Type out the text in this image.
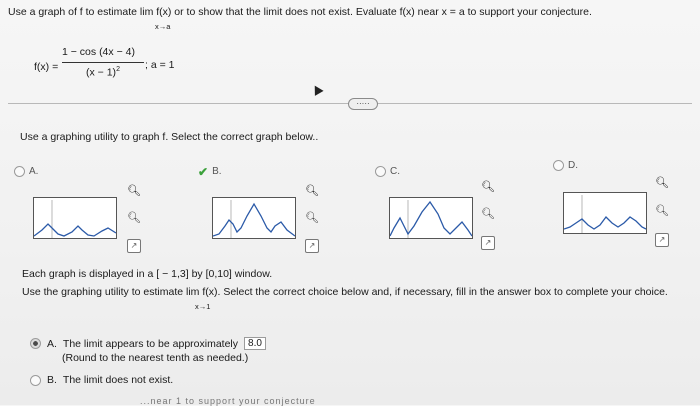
Use a graph of f to estimate lim f(x) or to show that the limit does not exist. Evaluate f(x) near x = a to support your conjecture.
x→a
f(x) =
1 − cos (4x − 4)
$(x - 1)^2$ ; a = 1
·····
Use a graphing utility to graph f. Select the correct graph below..
A.	✔ B.	C.
D.
🔍︎
🔍︎
↗
🔍︎
🔍︎
↗
🔍︎
🔍︎
↗
🔍︎
🔍︎
↗
Each graph is displayed in a [ − 1,3] by [0,10] window.
Use the graphing utility to estimate lim f(x). Select the correct choice below and, if necessary, fill in the answer box to complete your choice.
x→1
A. The limit appears to be approximately	8.0
(Round to the nearest tenth as needed.)
B. The limit does not exist.
...near 1 to support your conjecture
